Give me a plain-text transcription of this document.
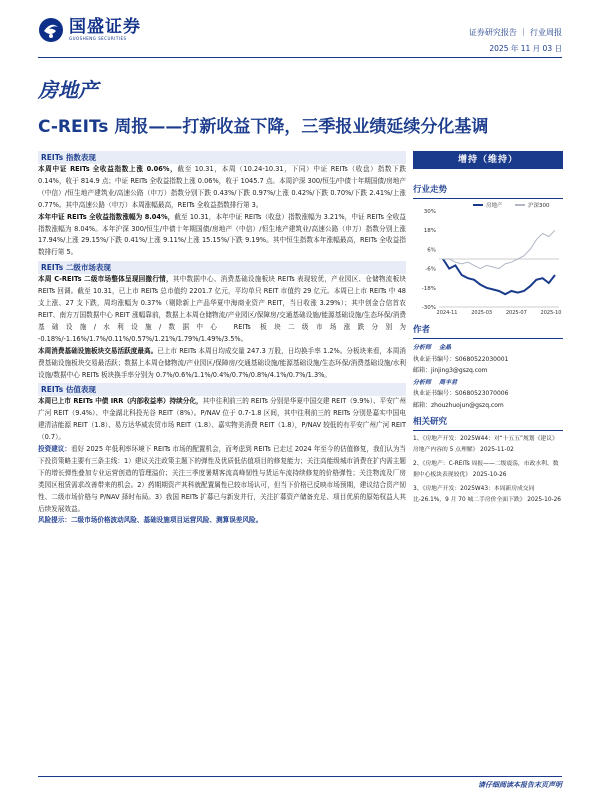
国盛证券
GUOSHENG SECURITIES
证券研究报告 ｜ 行业周报
2025 年 11 月 03 日
房地产
C-REITs 周报——打新收益下降，三季报业绩延续分化基调
REITs 指数表现
本周中证 REITs 全收益指数上涨 0.06%，截至 10.31，本周（10.24-10.31，下同）中证 REITs（收盘）指数下跌 0.14%，收于 814.9 点；中证 REITs 全收益指数上涨 0.06%，收于 1045.7 点。本周沪深 300/恒生/中债十年期国债/房地产（中信）/恒生地产建筑业/高速公路（申万）指数分别下跌 0.43%/下跌 0.97%/上涨 0.42%/下跌 0.70%/下跌 2.41%/上涨 0.77%。其中高速公路（申万）本周涨幅最高，REITs 全收益指数排行第 3。
本年中证 REITs 全收益指数涨幅为 8.04%，截至 10.31，本年中证 REITs（收盘）指数涨幅为 3.21%，中证 REITs 全收益指数涨幅为 8.04%。本年沪深 300/恒生/中债十年期国债/房地产（中信）/恒生地产建筑业/高速公路（申万）指数分别上涨 17.94%/上涨 29.15%/下跌 0.41%/上涨 9.11%/上涨 15.15%/下跌 9.19%。其中恒生指数本年涨幅最高，REITs 全收益指数排行第 5。
REITs 二级市场表现
本周 C-REITs 二级市场整体呈现回撤行情，其中数据中心、消费基础设施板块 REITs 表现较优，产业园区、仓储物流板块 REITs 回调。截至 10.31，已上市 REITs 总市值约 2201.7 亿元，平均单只 REIT 市值约 29 亿元。本周已上市 REITs 中 48 支上涨、27 支下跌，周均涨幅为 0.37%（剔除新上产品华夏中海商业资产 REIT，当日收涨 3.29%）；其中创金合信首农 REIT、南方万国数据中心 REIT 涨幅靠前，数据上本周仓储物流/产业园区/保障房/交通基础设施/能源基础设施/生态环保/消费基础设施/水利设施/数据中心 REITs 板块二级市场涨跌分别为 -0.18%/-1.16%/1.7%/0.11%/0.57%/1.21%/1.79%/1.49%/3.5%。
本周消费基础设施板块交易活跃度最高。已上市 REITs 本周日均成交量 247.3 万股，日均换手率 1.2%。分板块来看，本周消费基础设施板块交易最活跃；数据上本周仓储物流/产业园区/保障房/交通基础设施/能源基础设施/生态环保/消费基础设施/水利设施/数据中心 REITs 板块换手率分别为 0.7%/0.6%/1.1%/0.4%/0.7%/0.8%/4.1%/0.7%/1.3%。
REITs 估值表现
本周已上市 REITs 中债 IRR（内部收益率）持续分化，其中往利前三的 REITs 分别是华夏中国交建 REIT（9.9%）、平安广州广河 REIT（9.4%）、中金湖北科投光谷 REIT（8%）。P/NAV 位于 0.7-1.8 区间，其中往利前三的 REITs 分别是嘉实中国电建清洁能源 REIT（1.8）、易方达华威农贸市场 REIT（1.8）、嘉实物美消费 REIT（1.8），P/NAV 较低的有平安广州广河 REIT（0.7）。
投资建议：看好 2025 年低利率环境下 REITs 市场的配置机会，而考虑到 REITs 已走过 2024 年至今的估值修复，我们认为当下投资策略主要有三条主线：1）建议关注政策主题下的弹性及优质低估值项目的修复能力；关注高能级城市消费在扩内需主题下的增长弹性叠加专业运营创造的管理溢价；关注三季度暑期客流高峰韧性与货运车流持续修复的价格弹性；关注物流及厂房类园区租赁需求改善带来的机会。2）药期期资产其科就配置属性已较市场认可，但当下价格已反映市场预期，建议结合资产韧性、二级市场价格与 P/NAV 择时布局。3）我国 REITs 扩募已与新发并行，关注扩募资产储备充足、项目优质的原始权益人其后续发展效益。
风险提示：二级市场价格波动风险、基础设施项目运营风险、测算误差风险。
增持（维持）
行业走势
房地产	沪深300
30%
18%
6%
-6%
-18%
-30%
2024-11	2025-03	2025-07	2025-10
作者
分析师 金晶
执业证书编号：S0680522030001
邮箱：jinjing3@gszq.com
分析师 周丰君
执业证书编号：S0680523070006
邮箱：zhouzhuojun@gszq.com
相关研究
1、《房地产开发：2025W44：对“十五五”规划《建议》房地产内容的 5 点理解》 2025-11-02
2、《房地产：C-REITs 周报——二级震荡，市政水利、数据中心板块表现较优》 2025-10-26
3、《房地产开发：2025W43：本周新房成交同比-26.1%，9 月 70 城二手房价全面下跌》 2025-10-26
请仔细阅读本报告末页声明
